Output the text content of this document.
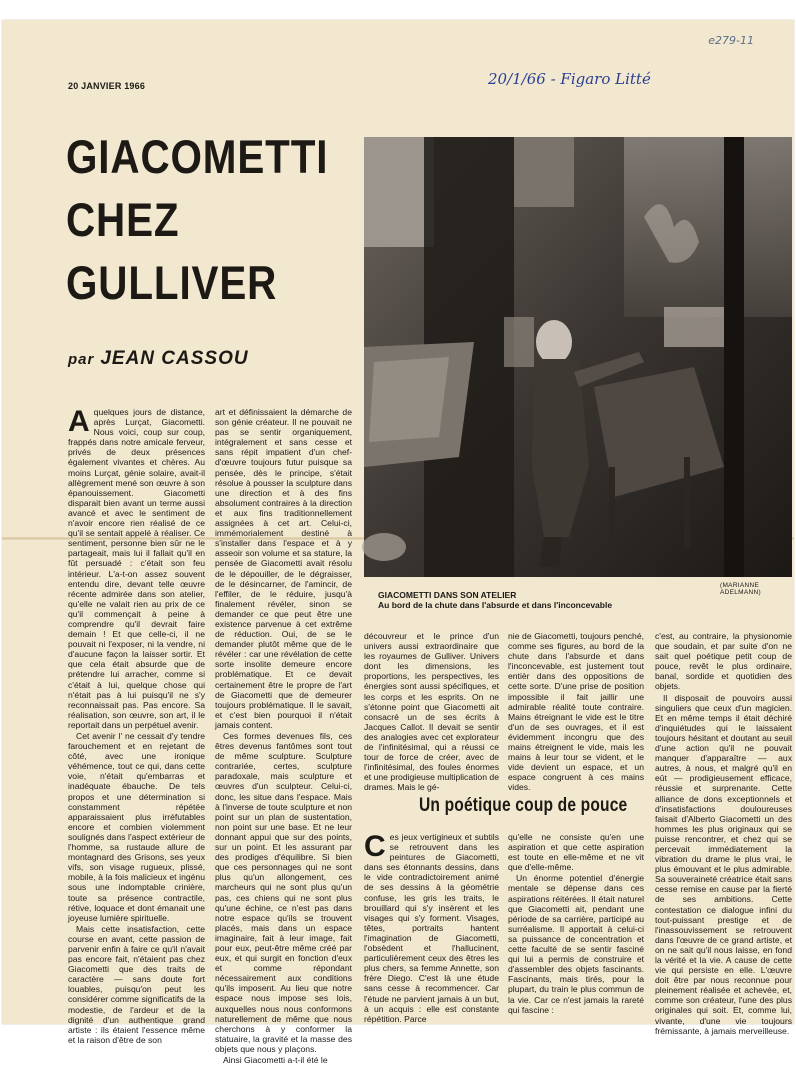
e279-11
20/1/66 - Figaro Litté
20 JANVIER 1966
GIACOMETTI
CHEZ
GULLIVER
par JEAN CASSOU
(MARIANNE ADELMANN)
GIACOMETTI DANS SON ATELIER
Au bord de la chute dans l'absurde et dans l'inconcevable
A quelques jours de distance, après Lurçat, Giacometti. Nous voici, coup sur coup, frappés dans notre amicale ferveur, privés de deux présences également vivantes et chères. Au moins Lurçat, génie solaire, avait-il allègrement mené son œuvre à son épanouissement. Giacometti disparait bien avant un terme aussi avancé et avec le sentiment de n'avoir encore rien réalisé de ce qu'il se sentait appelé à réaliser. Ce sentiment, personne bien sûr ne le partageait, mais lui il fallait qu'il en fût persuadé : c'était son feu intérieur. L'a-t-on assez souvent entendu dire, devant telle œuvre récente admirée dans son atelier, qu'elle ne valait rien au prix de ce qu'il commençait à peine à comprendre qu'il devrait faire demain ! Et que celle-ci, il ne pouvait ni l'exposer, ni la vendre, ni d'aucune façon la laisser sortir. Et que cela était absurde que de prétendre lui arracher, comme si c'était à lui, quelque chose qui n'était pas à lui puisqu'il ne s'y reconnaissait pas. Pas encore. Sa réalisation, son œuvre, son art, il le reportait dans un perpétuel avenir.

Cet avenir l' ne cessait d'y tendre farouchement et en rejetant de côté, avec une ironique véhémence, tout ce qui, dans cette voie, n'était qu'embarras et inadéquate ébauche. De tels propos et une détermination si constamment répétée apparaissaient plus irréfutables encore et combien violemment soulignés dans l'aspect extérieur de l'homme, sa rustaude allure de montagnard des Grisons, ses yeux vifs, son visage rugueux, plissé, mobile, à la fois malicieux et ingénu sous une indomptable crinière, toute sa présence contractile, rétive, loquace et dont émanait une joyeuse lumière spirituelle.

Mais cette insatisfaction, cette course en avant, cette passion de parvenir enfin à faire ce qu'il n'avait pas encore fait, n'étaient pas chez Giacometti que des traits de caractère — sans doute fort louables, puisqu'on peut les considérer comme significatifs de la modestie, de l'ardeur et de la dignité d'un authentique grand artiste : ils étaient l'essence même et la raison d'être de son

art et définissaient la démarche de son génie créateur. Il ne pouvait ne pas se sentir organiquement, intégralement et sans cesse et sans répit impatient d'un chef-d'œuvre toujours futur puisque sa pensée, dès le principe, s'était résolue à pousser la sculpture dans une direction et à des fins absolument contraires à la direction et aux fins traditionnellement assignées à cet art. Celui-ci, immémorialement destiné à s'installer dans l'espace et à y asseoir son volume et sa stature, la pensée de Giacometti avait résolu de le dépouiller, de le dégraisser, de le désincarner, de l'amincir, de l'effiler, de le réduire, jusqu'à finalement révéler, sinon se demander ce que peut être une existence parvenue à cet extrême de réduction. Oui, de se le demander plutôt même que de le révéler : car une révélation de cette sorte insolite demeure encore problématique. Et ce devait certainement être le propre de l'art de Giacometti que de demeurer toujours problématique. Il le savait, et c'est bien pourquoi il n'était jamais content.

Ces formes devenues fils, ces êtres devenus fantômes sont tout de même sculpture. Sculpture contrariée, certes, sculpture paradoxale, mais sculpture et œuvres d'un sculpteur. Celui-ci, donc, les situe dans l'espace. Mais à l'inverse de toute sculpture et non point sur un plan de sustentation, non point sur une base. Et ne leur donnant appui que sur des points, sur un point. Et les assurant par des prodiges d'équilibre. Si bien que ces personnages qui ne sont plus qu'un allongement, ces marcheurs qui ne sont plus qu'un pas, ces chiens qui ne sont plus qu'une échine, ce n'est pas dans notre espace qu'ils se trouvent placés, mais dans un espace imaginaire, fait à leur image, fait pour eux, peut-être même créé par eux, et qui surgit en fonction d'eux et comme répondant nécessairement aux conditions qu'ils imposent. Au lieu que notre espace nous impose ses lois, auxquelles nous nous conformons naturellement de même que nous cherchons à y conformer la statuaire, la gravité et la masse des objets que nous y plaçons.

Ainsi Giacometti a-t-il été le

découvreur et le prince d'un univers aussi extraordinaire que les royaumes de Gulliver. Univers dont les dimensions, les proportions, les perspectives, les énergies sont aussi spécifiques, et les corps et les esprits. On ne s'étonne point que Giacometti ait consacré un de ses écrits à Jacques Callot. Il devait se sentir des analogies avec cet explorateur de l'infinitésimal, qui a réussi ce tour de force de créer, avec de l'infinitésimal, des foules énormes et une prodigieuse multiplication de drames. Mais le gé-

nie de Giacometti, toujours penché, comme ses figures, au bord de la chute dans l'absurde et dans l'inconcevable, est justement tout entièr dans des oppositions de cette sorte. D'une prise de position impossible il fait jaillir une admirable réalité toute contraire. Mains étreignant le vide est le titre d'un de ses ouvrages, et il est évidemment incongru que des mains étreignent le vide, mais les mains à leur tour se vident, et le vide devient un espace, et un espace congruent à ces mains vides.

c'est, au contraire, la physionomie que soudain, et par suite d'on ne sait quel poétique petit coup de pouce, revêt le plus ordinaire, banal, sordide et quotidien des objets.

Il disposait de pouvoirs aussi singuliers que ceux d'un magicien. Et en même temps il était déchiré d'inquiétudes qui le laissaient toujours hésitant et doutant au seuil d'une action qu'il ne pouvait manquer d'apparaître — aux autres, à nous, et malgré qu'il en eût — prodigieusement efficace, réussie et surprenante. Cette alliance de dons exceptionnels et d'insatisfactions douloureuses faisait d'Alberto Giacometti un des hommes les plus originaux qui se puisse rencontrer, et chez qui se percevait immédiatement la vibration du drame le plus vrai, le plus émouvant et le plus admirable. Sa souveraineté créatrice était sans cesse remise en cause par la fierté de ses ambitions. Cette contestation ce dialogue infini du tout-puissant prestige et de l'inassouvissement se retrouvent dans l'œuvre de ce grand artiste, et on ne sait qu'il nous laisse, en fond la vérité et la vie. A cause de cette vie qui persiste en elle. L'œuvre doit être par nous reconnue pour pleinement réalisée et achevée, et, comme son créateur, l'une des plus originales qui soit. Et, comme lui, vivante, d'une vie toujours frémissante, à jamais merveilleuse.

Un poétique coup de pouce
C es jeux vertigineux et subtils se retrouvent dans les peintures de Giacometti, dans ses étonnants dessins, dans le vide contradictoirement animé de ses dessins à la géométrie confuse, les gris les traits, le brouillard qui s'y insèrent et les visages qui s'y forment. Visages, têtes, portraits hantent l'imagination de Giacometti, l'obsèdent et l'hallucinent, particulièrement ceux des êtres les plus chers, sa femme Annette, son frère Diego. C'est là une étude sans cesse à recommencer. Car l'étude ne parvient jamais à un but, à un acquis : elle est constante répétition. Parce

qu'elle ne consiste qu'en une aspiration et que cette aspiration est toute en elle-même et ne vit que d'elle-même.

Un énorme potentiel d'énergie mentale se dépense dans ces aspirations réitérées. Il était naturel que Giacometti ait, pendant une période de sa carrière, participé au surréalisme. Il apportait à celui-ci sa puissance de concentration et cette faculté de se sentir fasciné qui lui a permis de construire et d'assembler des objets fascinants. Fascinants, mais tirés, pour la plupart, du train le plus commun de la vie. Car ce n'est jamais la rareté qui fascine :
